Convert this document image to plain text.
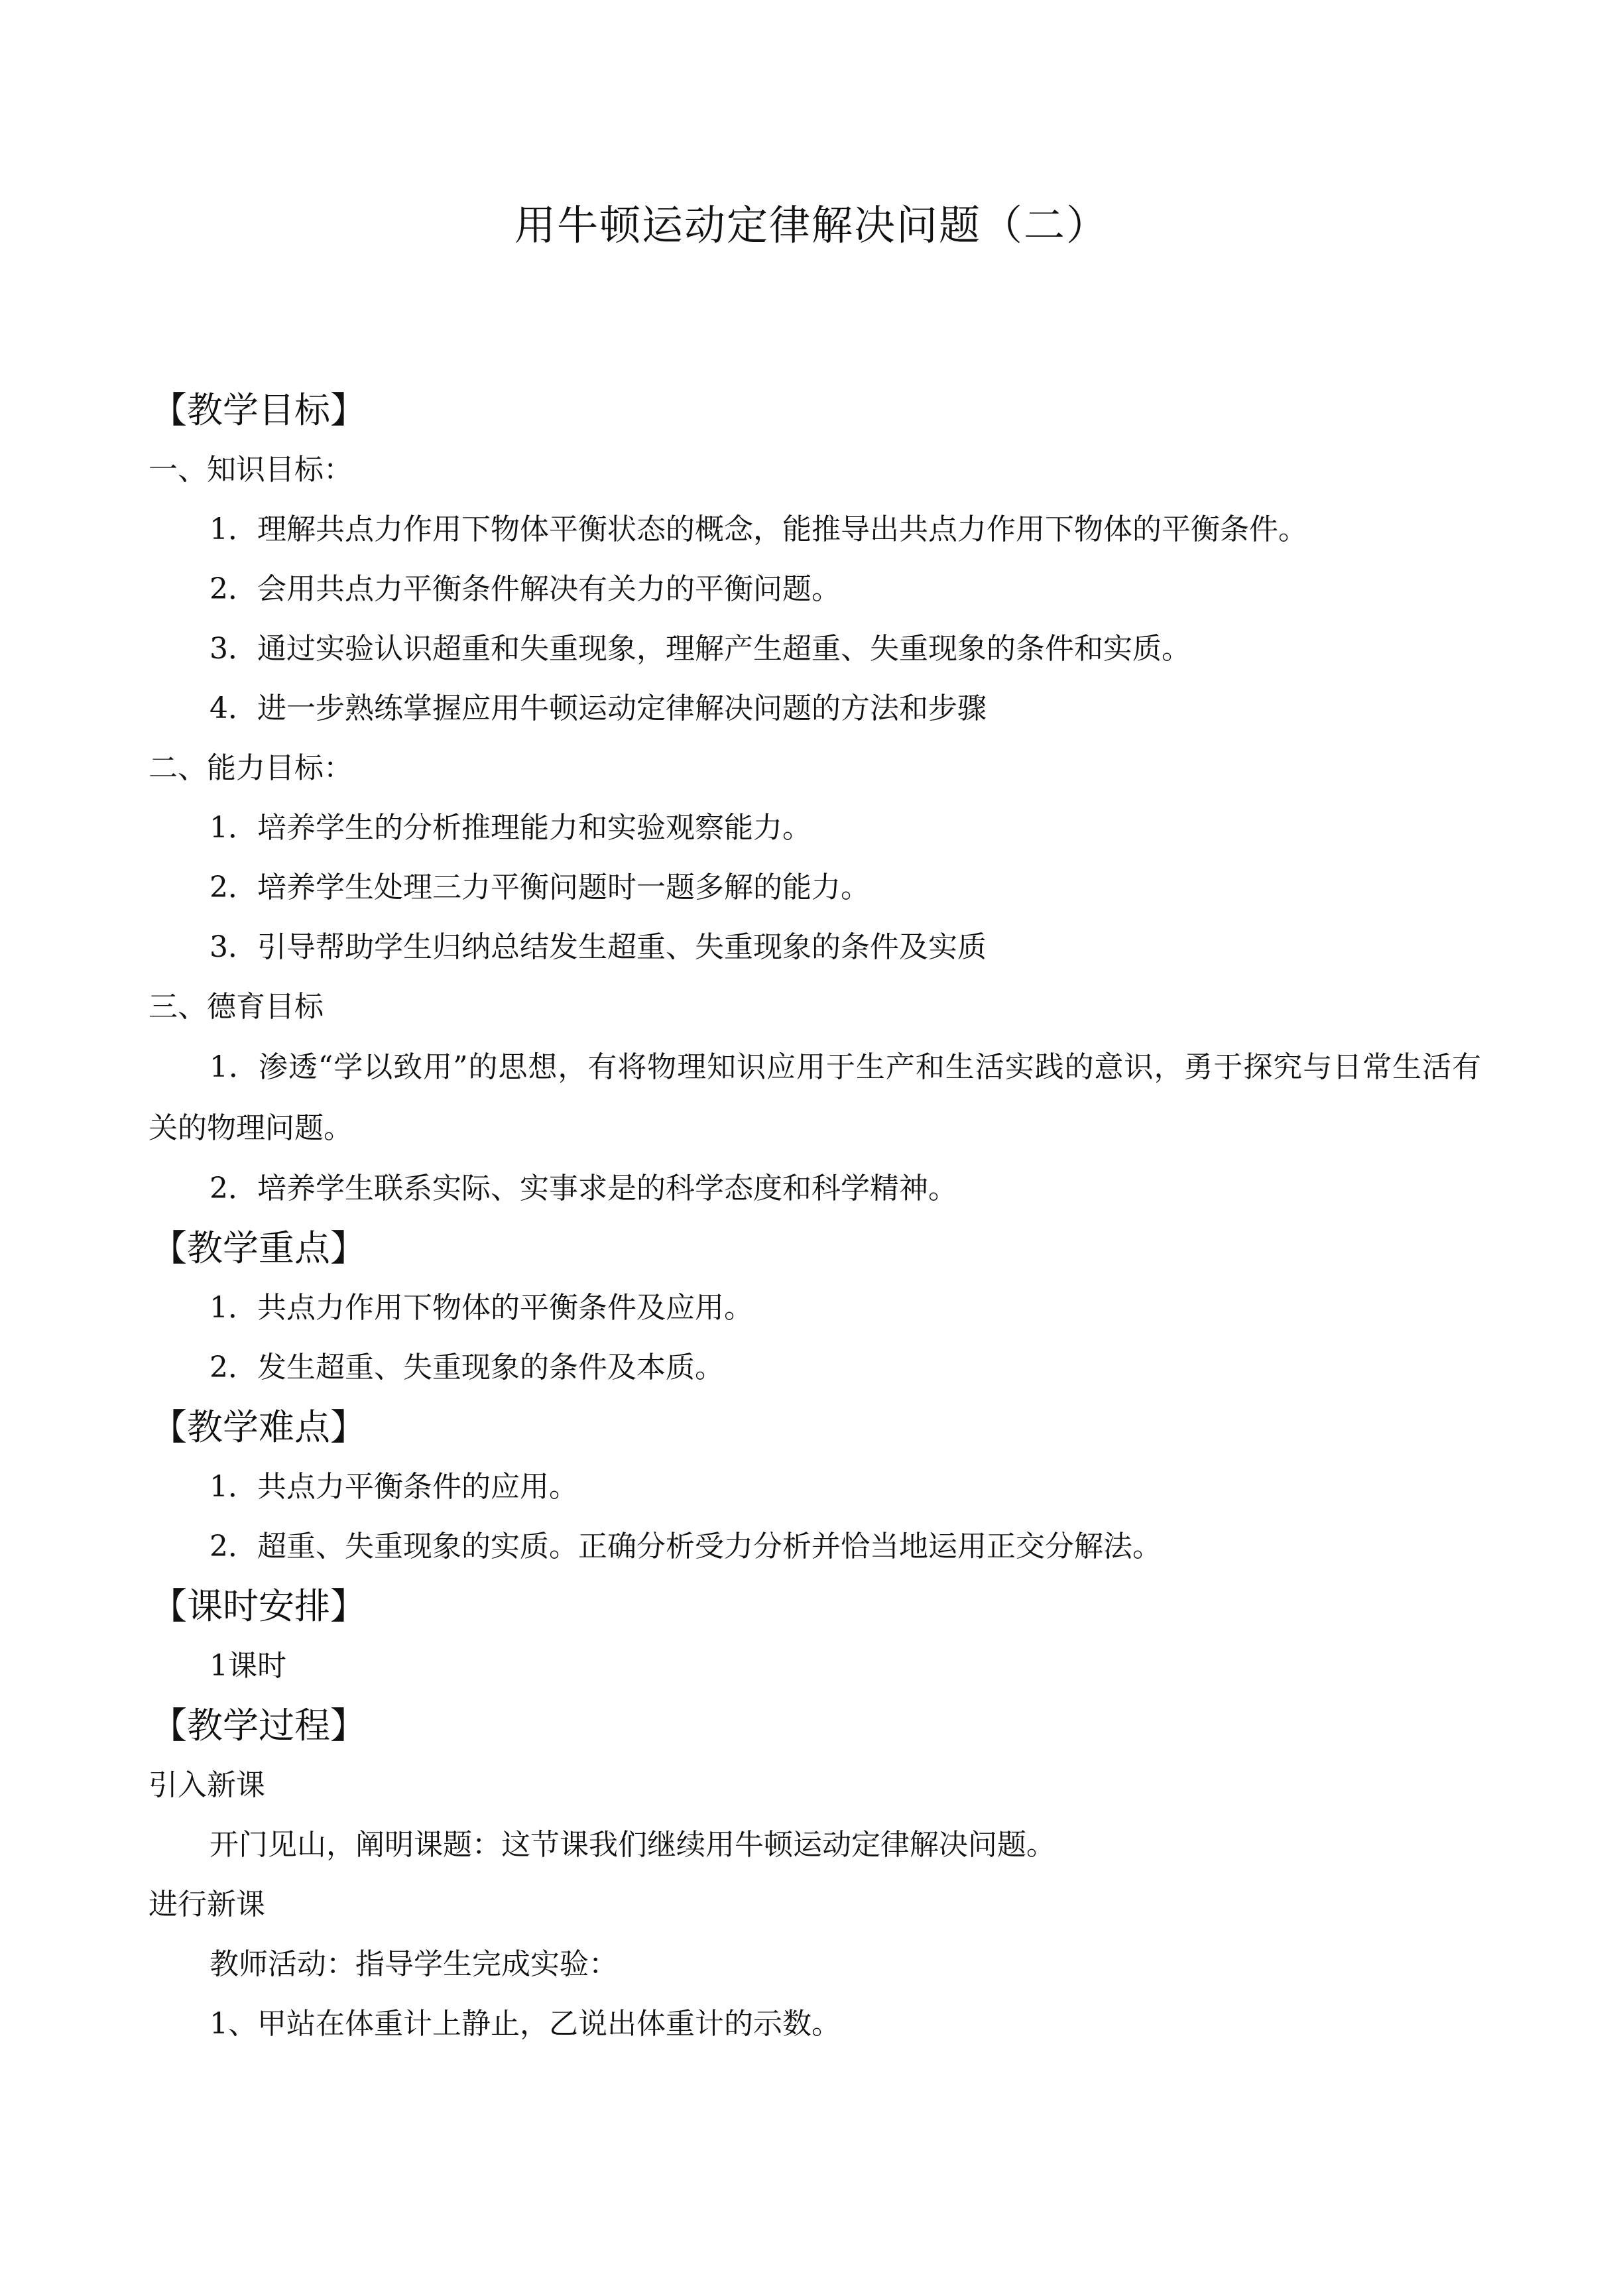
用牛顿运动定律解决问题（二）
【教学目标】
一、知识目标：
1．理解共点力作用下物体平衡状态的概念，能推导出共点力作用下物体的平衡条件。
2．会用共点力平衡条件解决有关力的平衡问题。
3．通过实验认识超重和失重现象，理解产生超重、失重现象的条件和实质。
4．进一步熟练掌握应用牛顿运动定律解决问题的方法和步骤
二、能力目标：
1．培养学生的分析推理能力和实验观察能力。
2．培养学生处理三力平衡问题时一题多解的能力。
3．引导帮助学生归纳总结发生超重、失重现象的条件及实质
三、德育目标
1．渗透“学以致用”的思想，有将物理知识应用于生产和生活实践的意识，勇于探究与日常生活有关的物理问题。
2．培养学生联系实际、实事求是的科学态度和科学精神。
【教学重点】
1．共点力作用下物体的平衡条件及应用。
2．发生超重、失重现象的条件及本质。
【教学难点】
1．共点力平衡条件的应用。
2．超重、失重现象的实质。正确分析受力分析并恰当地运用正交分解法。
【课时安排】
1课时
【教学过程】
引入新课
开门见山，阐明课题：这节课我们继续用牛顿运动定律解决问题。
进行新课
教师活动：指导学生完成实验：
1、甲站在体重计上静止，乙说出体重计的示数。
